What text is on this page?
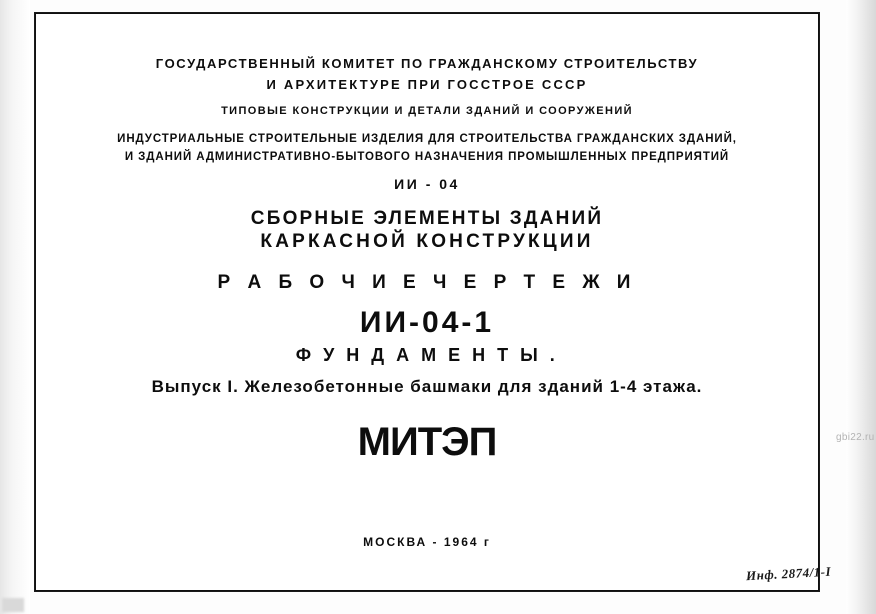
ГОСУДАРСТВЕННЫЙ КОМИТЕТ ПО ГРАЖДАНСКОМУ СТРОИТЕЛЬСТВУ
И АРХИТЕКТУРЕ ПРИ ГОССТРОЕ СССР
ТИПОВЫЕ КОНСТРУКЦИИ И ДЕТАЛИ ЗДАНИЙ И СООРУЖЕНИЙ
ИНДУСТРИАЛЬНЫЕ СТРОИТЕЛЬНЫЕ ИЗДЕЛИЯ ДЛЯ СТРОИТЕЛЬСТВА ГРАЖДАНСКИХ ЗДАНИЙ,
И ЗДАНИЙ АДМИНИСТРАТИВНО-БЫТОВОГО НАЗНАЧЕНИЯ ПРОМЫШЛЕННЫХ ПРЕДПРИЯТИЙ
ИИ - 04
СБОРНЫЕ ЭЛЕМЕНТЫ ЗДАНИЙ
КАРКАСНОЙ КОНСТРУКЦИИ
Р А Б О Ч И Е Ч Е Р Т Е Ж И
ИИ-04-1
Ф У Н Д А М Е Н Т Ы .
Выпуск I. Железобетонные башмаки для зданий 1-4 этажа.
МИТЭП
МОСКВА - 1964 г
Инф. 2874/1-I
gbi22.ru
